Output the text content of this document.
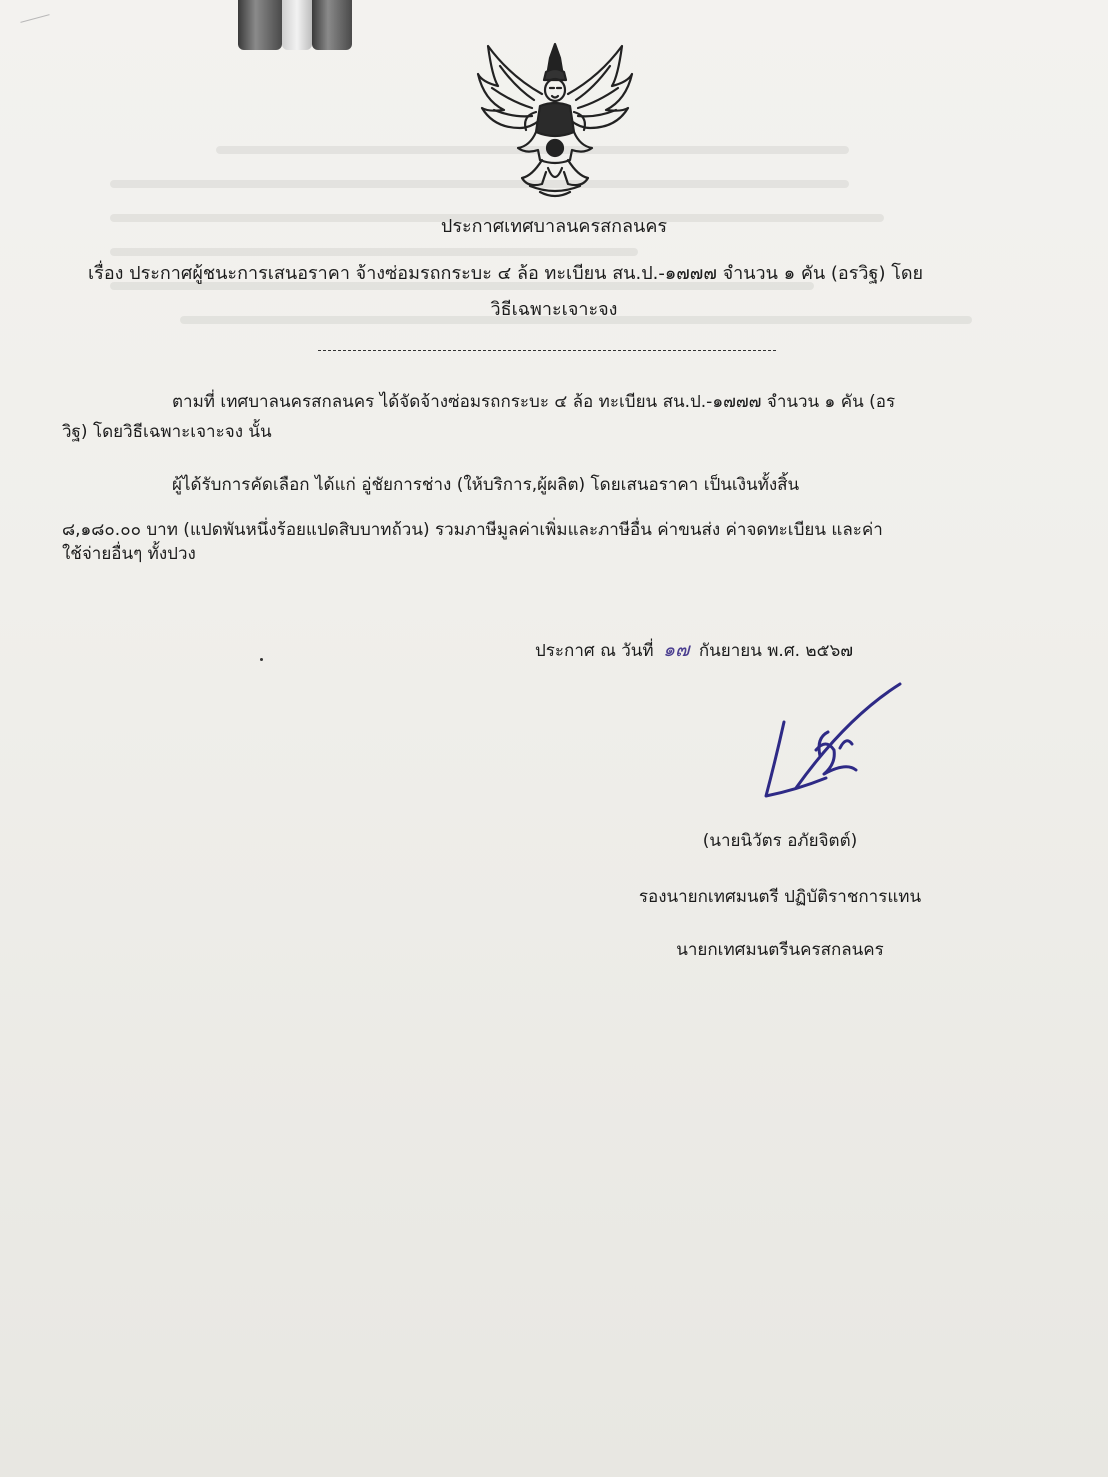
ประกาศเทศบาลนครสกลนคร
เรื่อง ประกาศผู้ชนะการเสนอราคา จ้างซ่อมรถกระบะ ๔ ล้อ ทะเบียน สน.ป.-๑๗๗๗ จำนวน ๑ คัน (อรวิฐ) โดย
วิธีเฉพาะเจาะจง
ตามที่ เทศบาลนครสกลนคร ได้จัดจ้างซ่อมรถกระบะ ๔ ล้อ ทะเบียน สน.ป.-๑๗๗๗ จำนวน ๑ คัน (อร
วิฐ) โดยวิธีเฉพาะเจาะจง นั้น
ผู้ได้รับการคัดเลือก ได้แก่ อู่ชัยการช่าง (ให้บริการ,ผู้ผลิต) โดยเสนอราคา เป็นเงินทั้งสิ้น
๘,๑๘๐.๐๐ บาท (แปดพันหนึ่งร้อยแปดสิบบาทถ้วน) รวมภาษีมูลค่าเพิ่มและภาษีอื่น ค่าขนส่ง ค่าจดทะเบียน และค่า
ใช้จ่ายอื่นๆ ทั้งปวง
ประกาศ ณ วันที่ ๑๗ กันยายน พ.ศ. ๒๕๖๗
(นายนิวัตร อภัยจิตต์)
รองนายกเทศมนตรี ปฏิบัติราชการแทน
นายกเทศมนตรีนครสกลนคร
